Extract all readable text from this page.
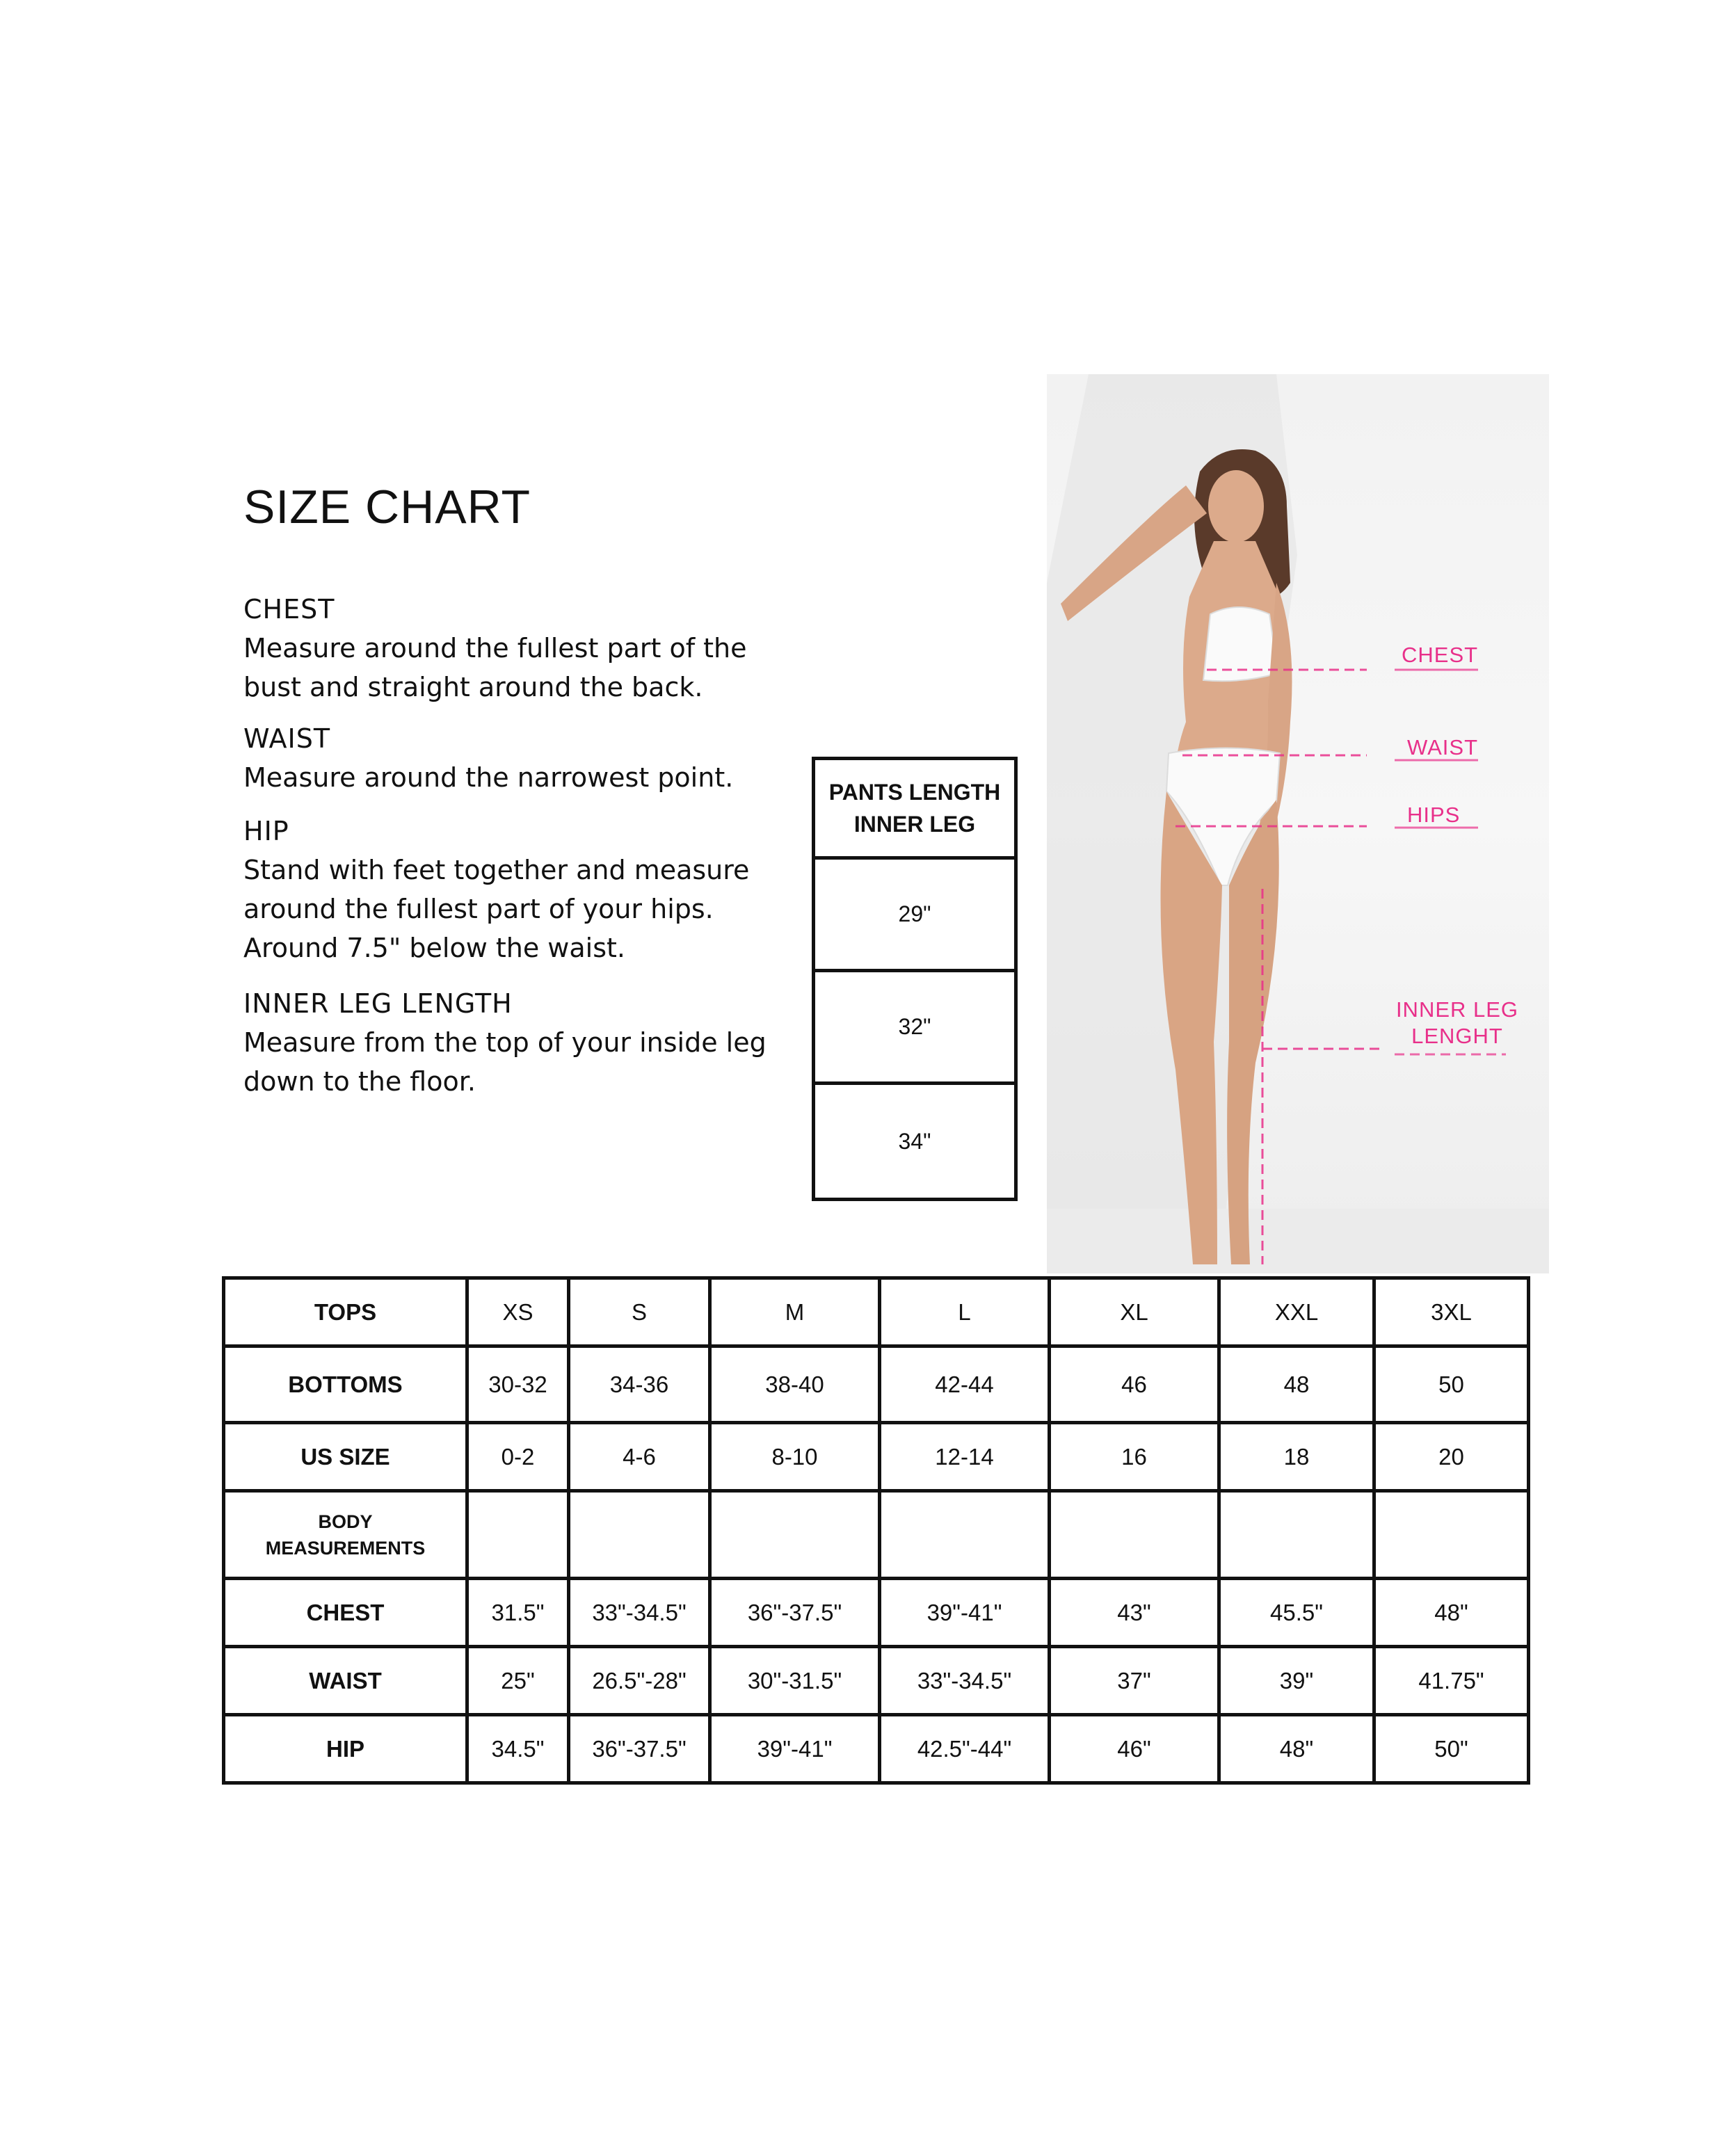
SIZE CHART
CHEST
Measure around the fullest part of the
bust and straight around the back.
WAIST
Measure around the narrowest point.
HIP
Stand with feet together and measure
around the fullest part of your hips.
Around 7.5" below the waist.
INNER LEG LENGTH
Measure from the top of your inside leg
down to the floor.
PANTS LENGTH
INNER LEG
29"
32"
34"
CHEST
WAIST
HIPS
INNER LEG
LENGHT
TOPS	XS	S	M	L	XL	XXL	3XL
BOTTOMS	30-32	34-36	38-40	42-44	46	48	50
US SIZE	0-2	4-6	8-10	12-14	16	18	20
BODY
MEASUREMENTS							
CHEST	31.5"	33"-34.5"	36"-37.5"	39"-41"	43"	45.5"	48"
WAIST	25"	26.5"-28"	30"-31.5"	33"-34.5"	37"	39"	41.75"
HIP	34.5"	36"-37.5"	39"-41"	42.5"-44"	46"	48"	50"
